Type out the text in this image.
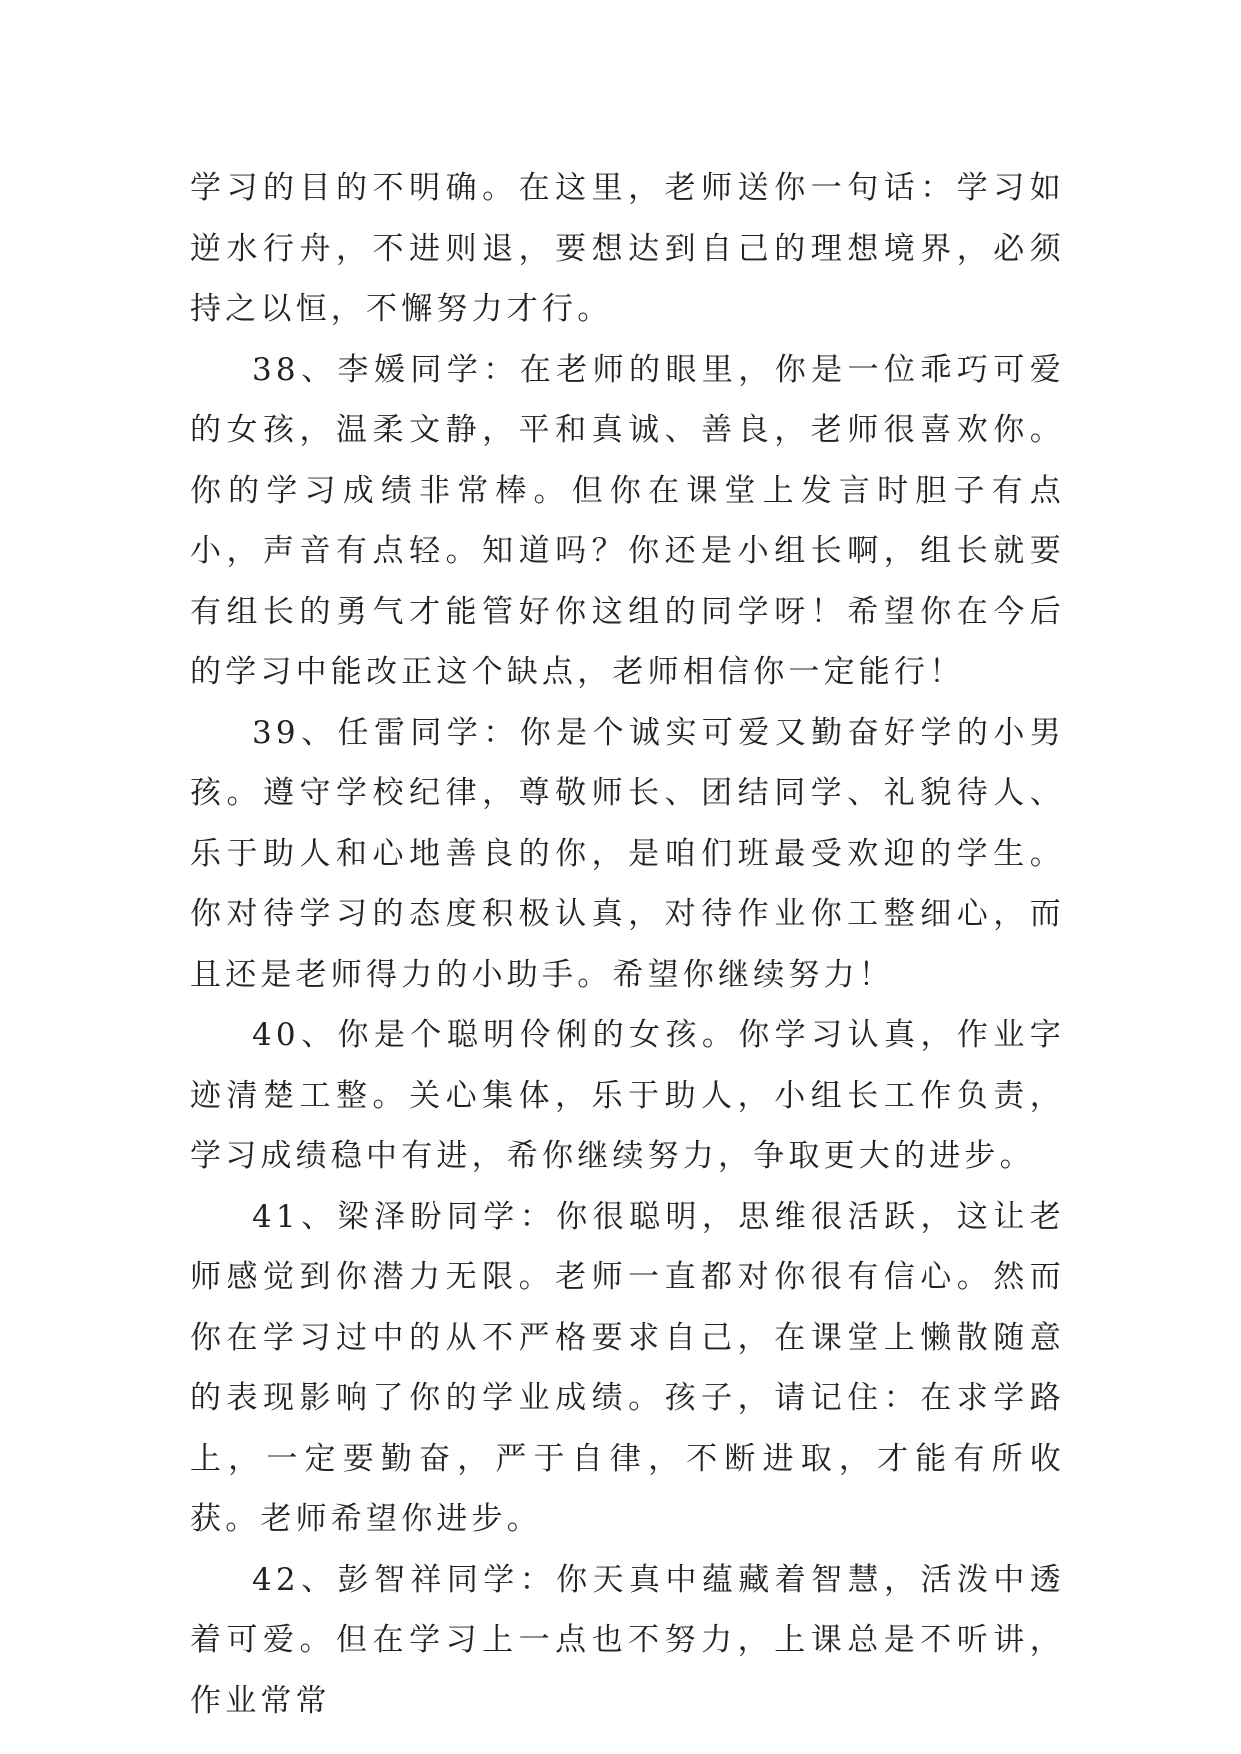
学习的目的不明确。在这里，老师送你一句话：学习如逆水行舟，不进则退，要想达到自己的理想境界，必须持之以恒，不懈努力才行。

38、李媛同学：在老师的眼里，你是一位乖巧可爱的女孩，温柔文静，平和真诚、善良，老师很喜欢你。你的学习成绩非常棒。但你在课堂上发言时胆子有点小，声音有点轻。知道吗？你还是小组长啊，组长就要有组长的勇气才能管好你这组的同学呀！希望你在今后的学习中能改正这个缺点，老师相信你一定能行！

39、任雷同学：你是个诚实可爱又勤奋好学的小男孩。遵守学校纪律，尊敬师长、团结同学、礼貌待人、乐于助人和心地善良的你，是咱们班最受欢迎的学生。你对待学习的态度积极认真，对待作业你工整细心，而且还是老师得力的小助手。希望你继续努力！

40、你是个聪明伶俐的女孩。你学习认真，作业字迹清楚工整。关心集体，乐于助人，小组长工作负责，学习成绩稳中有进，希你继续努力，争取更大的进步。

41、梁泽盼同学：你很聪明，思维很活跃，这让老师感觉到你潜力无限。老师一直都对你很有信心。然而你在学习过中的从不严格要求自己，在课堂上懒散随意的表现影响了你的学业成绩。孩子，请记住：在求学路上，一定要勤奋，严于自律，不断进取，才能有所收获。老师希望你进步。

42、彭智祥同学：你天真中蕴藏着智慧，活泼中透着可爱。但在学习上一点也不努力，上课总是不听讲，作业常常
